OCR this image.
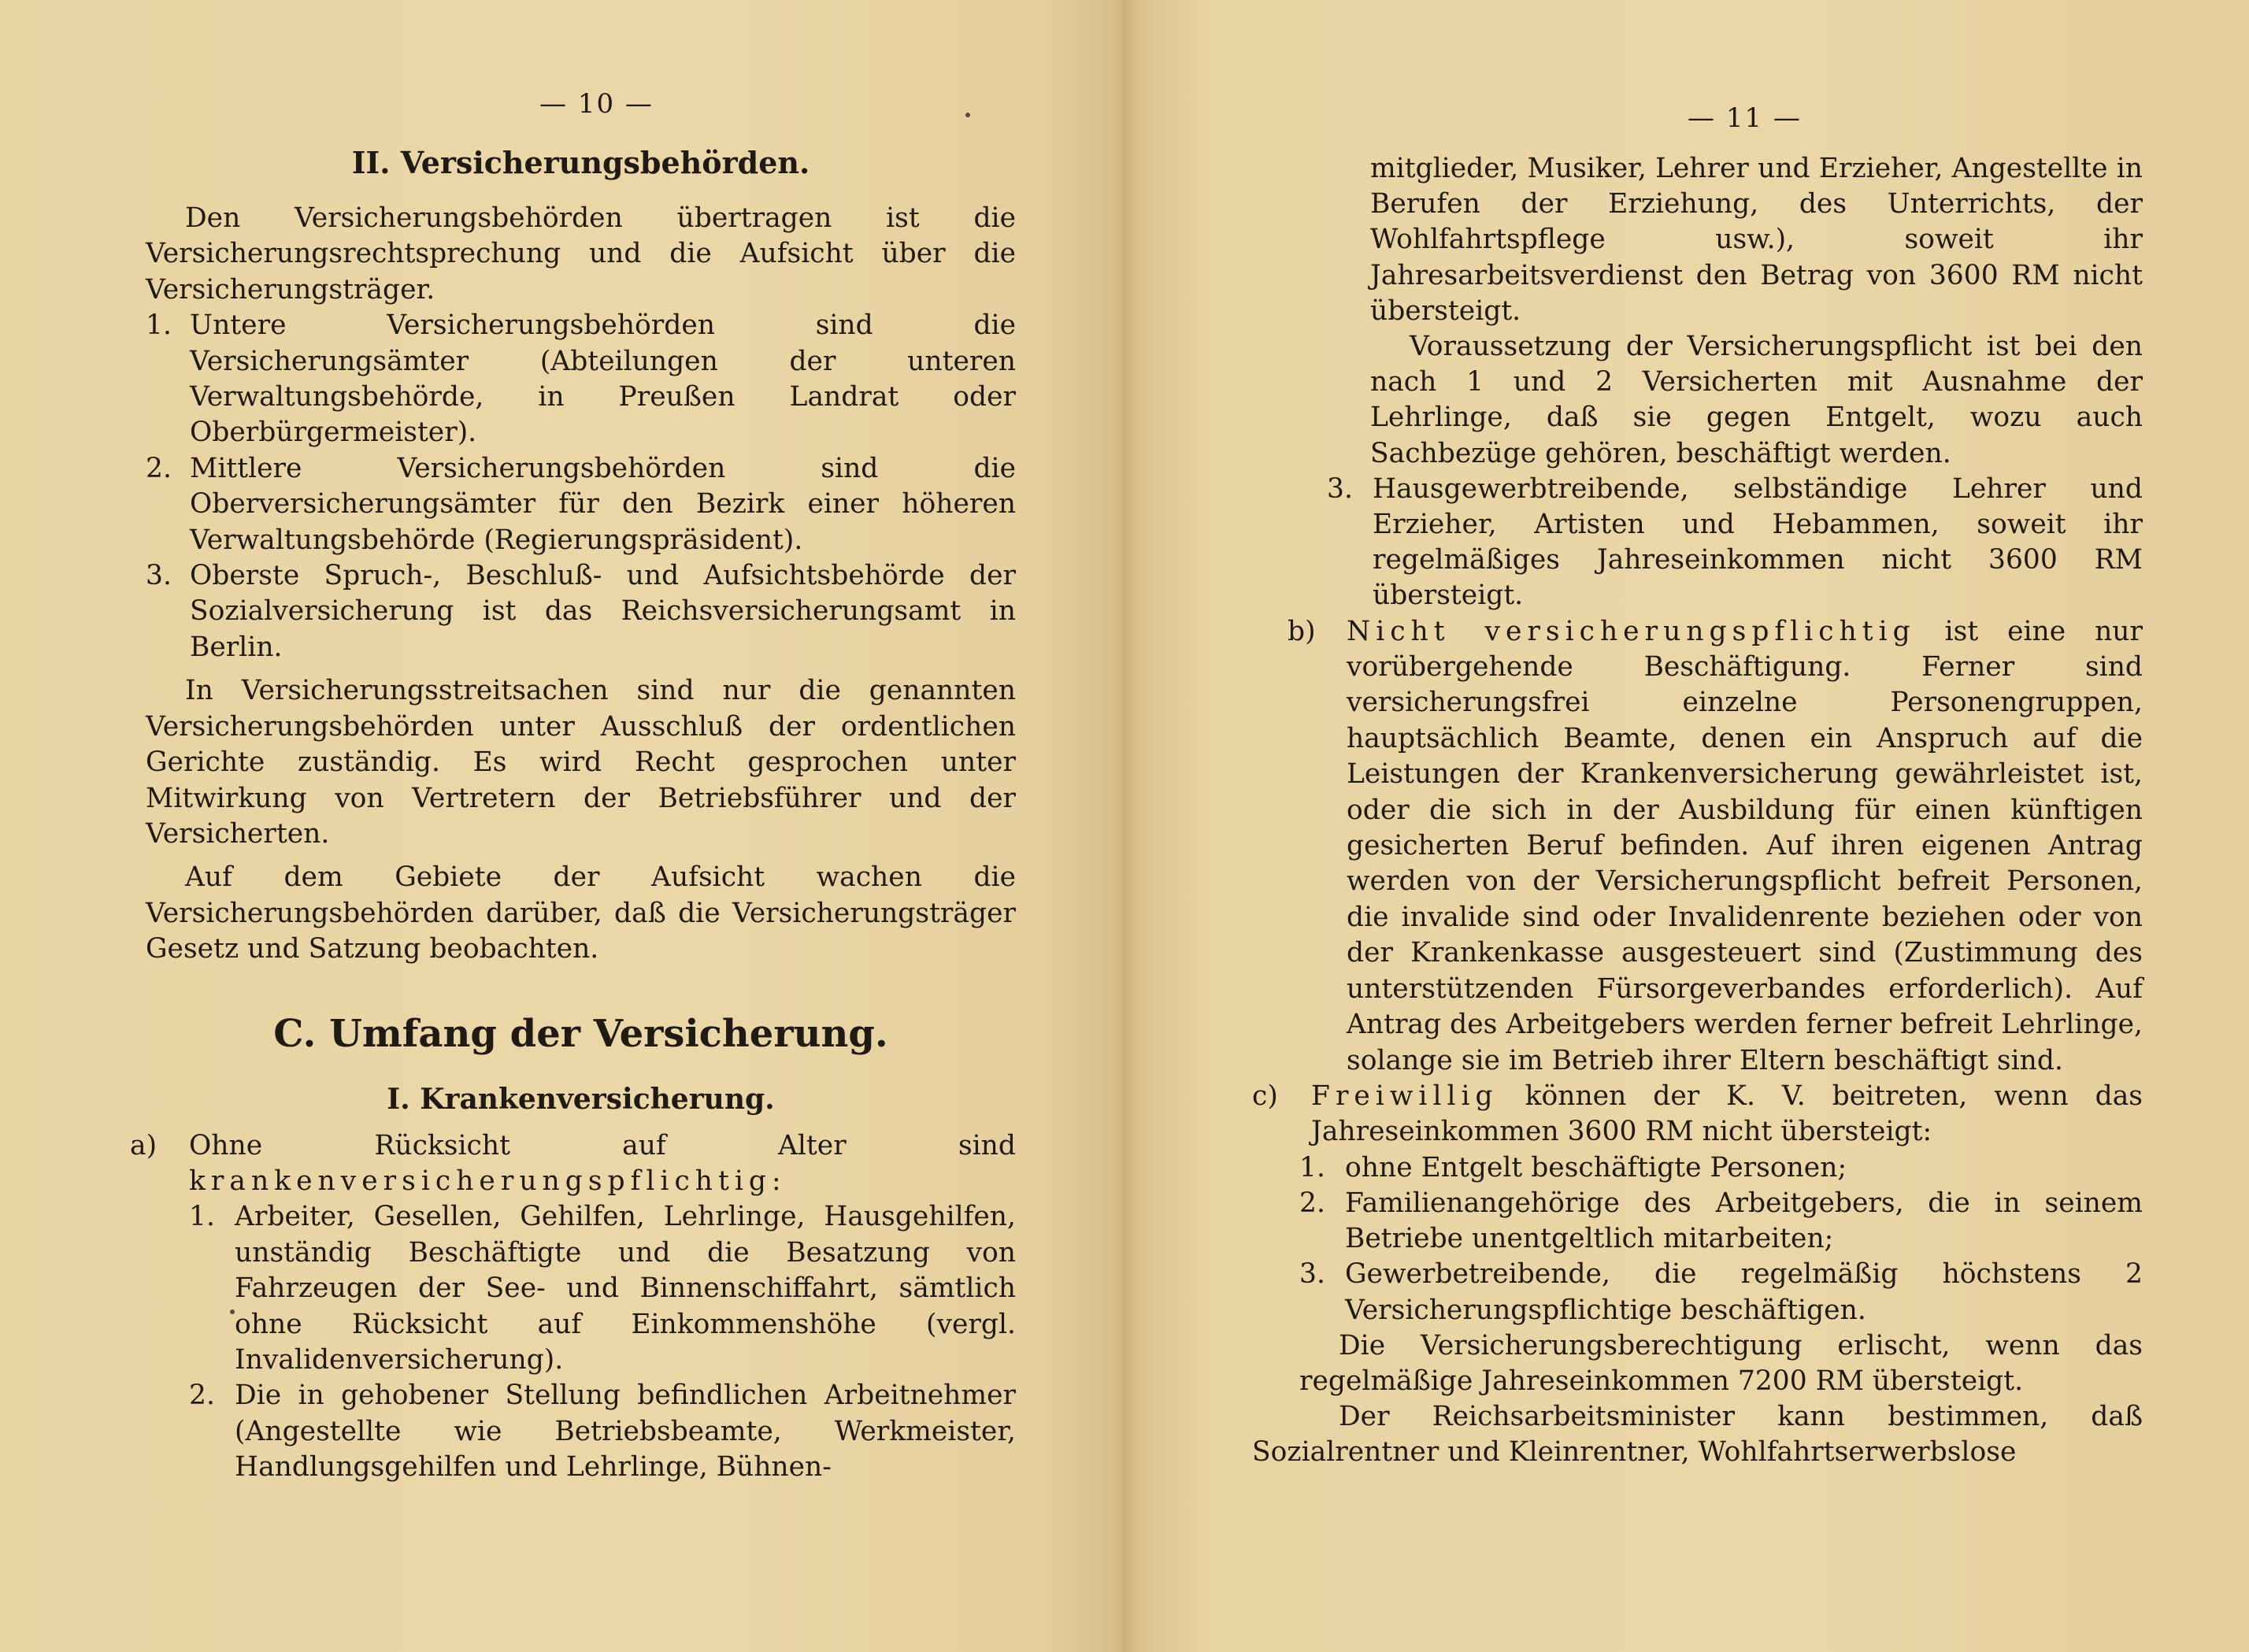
— 10 —
II. Versicherungsbehörden.

Den Versicherungsbehörden übertragen ist die Versicherungsrechtsprechung und die Aufsicht über die Versicherungsträger.

1. Untere Versicherungsbehörden sind die Versicherungsämter (Abteilungen der unteren Verwaltungsbehörde, in Preußen Landrat oder Oberbürgermeister).
2. Mittlere Versicherungsbehörden sind die Oberversicherungsämter für den Bezirk einer höheren Verwaltungsbehörde (Regierungspräsident).
3. Oberste Spruch-, Beschluß- und Aufsichtsbehörde der Sozialversicherung ist das Reichsversicherungsamt in Berlin.

In Versicherungsstreitsachen sind nur die genannten Versicherungsbehörden unter Ausschluß der ordentlichen Gerichte zuständig. Es wird Recht gesprochen unter Mitwirkung von Vertretern der Betriebsführer und der Versicherten.

Auf dem Gebiete der Aufsicht wachen die Versicherungsbehörden darüber, daß die Versicherungsträger Gesetz und Satzung beobachten.

C. Umfang der Versicherung.
I. Krankenversicherung.
a)	Ohne Rücksicht auf Alter sind krankenversicherungspflichtig:
1. Arbeiter, Gesellen, Gehilfen, Lehrlinge, Hausgehilfen, unständig Beschäftigte und die Besatzung von Fahrzeugen der See- und Binnenschiffahrt, sämtlich ohne Rücksicht auf Einkommenshöhe (vergl. Invalidenversicherung).
2. Die in gehobener Stellung befindlichen Arbeitnehmer (Angestellte wie Betriebsbeamte, Werkmeister, Handlungsgehilfen und Lehrlinge, Bühnen-
— 11 —

mitglieder, Musiker, Lehrer und Erzieher, Angestellte in Berufen der Erziehung, des Unterrichts, der Wohlfahrtspflege usw.), soweit ihr Jahresarbeitsverdienst den Betrag von 3600 RM nicht übersteigt.

Voraussetzung der Versicherungspflicht ist bei den nach 1 und 2 Versicherten mit Ausnahme der Lehrlinge, daß sie gegen Entgelt, wozu auch Sachbezüge gehören, beschäftigt werden.

3. Hausgewerbtreibende, selbständige Lehrer und Erzieher, Artisten und Hebammen, soweit ihr regelmäßiges Jahreseinkommen nicht 3600 RM übersteigt.
b)	Nicht versicherungspflichtig ist eine nur vorübergehende Beschäftigung. Ferner sind versicherungsfrei einzelne Personengruppen, hauptsächlich Beamte, denen ein Anspruch auf die Leistungen der Krankenversicherung gewährleistet ist, oder die sich in der Ausbildung für einen künftigen gesicherten Beruf befinden. Auf ihren eigenen Antrag werden von der Versicherungspflicht befreit Personen, die invalide sind oder Invalidenrente beziehen oder von der Krankenkasse ausgesteuert sind (Zustimmung des unterstützenden Fürsorgeverbandes erforderlich). Auf Antrag des Arbeitgebers werden ferner befreit Lehrlinge, solange sie im Betrieb ihrer Eltern beschäftigt sind.
c)	Freiwillig können der K. V. beitreten, wenn das Jahreseinkommen 3600 RM nicht übersteigt:
1. ohne Entgelt beschäftigte Personen;
2. Familienangehörige des Arbeitgebers, die in seinem Betriebe unentgeltlich mitarbeiten;
3. Gewerbetreibende, die regelmäßig höchstens 2 Versicherungspflichtige beschäftigen.

Die Versicherungsberechtigung erlischt, wenn das regelmäßige Jahreseinkommen 7200 RM übersteigt.

Der Reichsarbeitsminister kann bestimmen, daß Sozialrentner und Kleinrentner, Wohlfahrtserwerbslose
